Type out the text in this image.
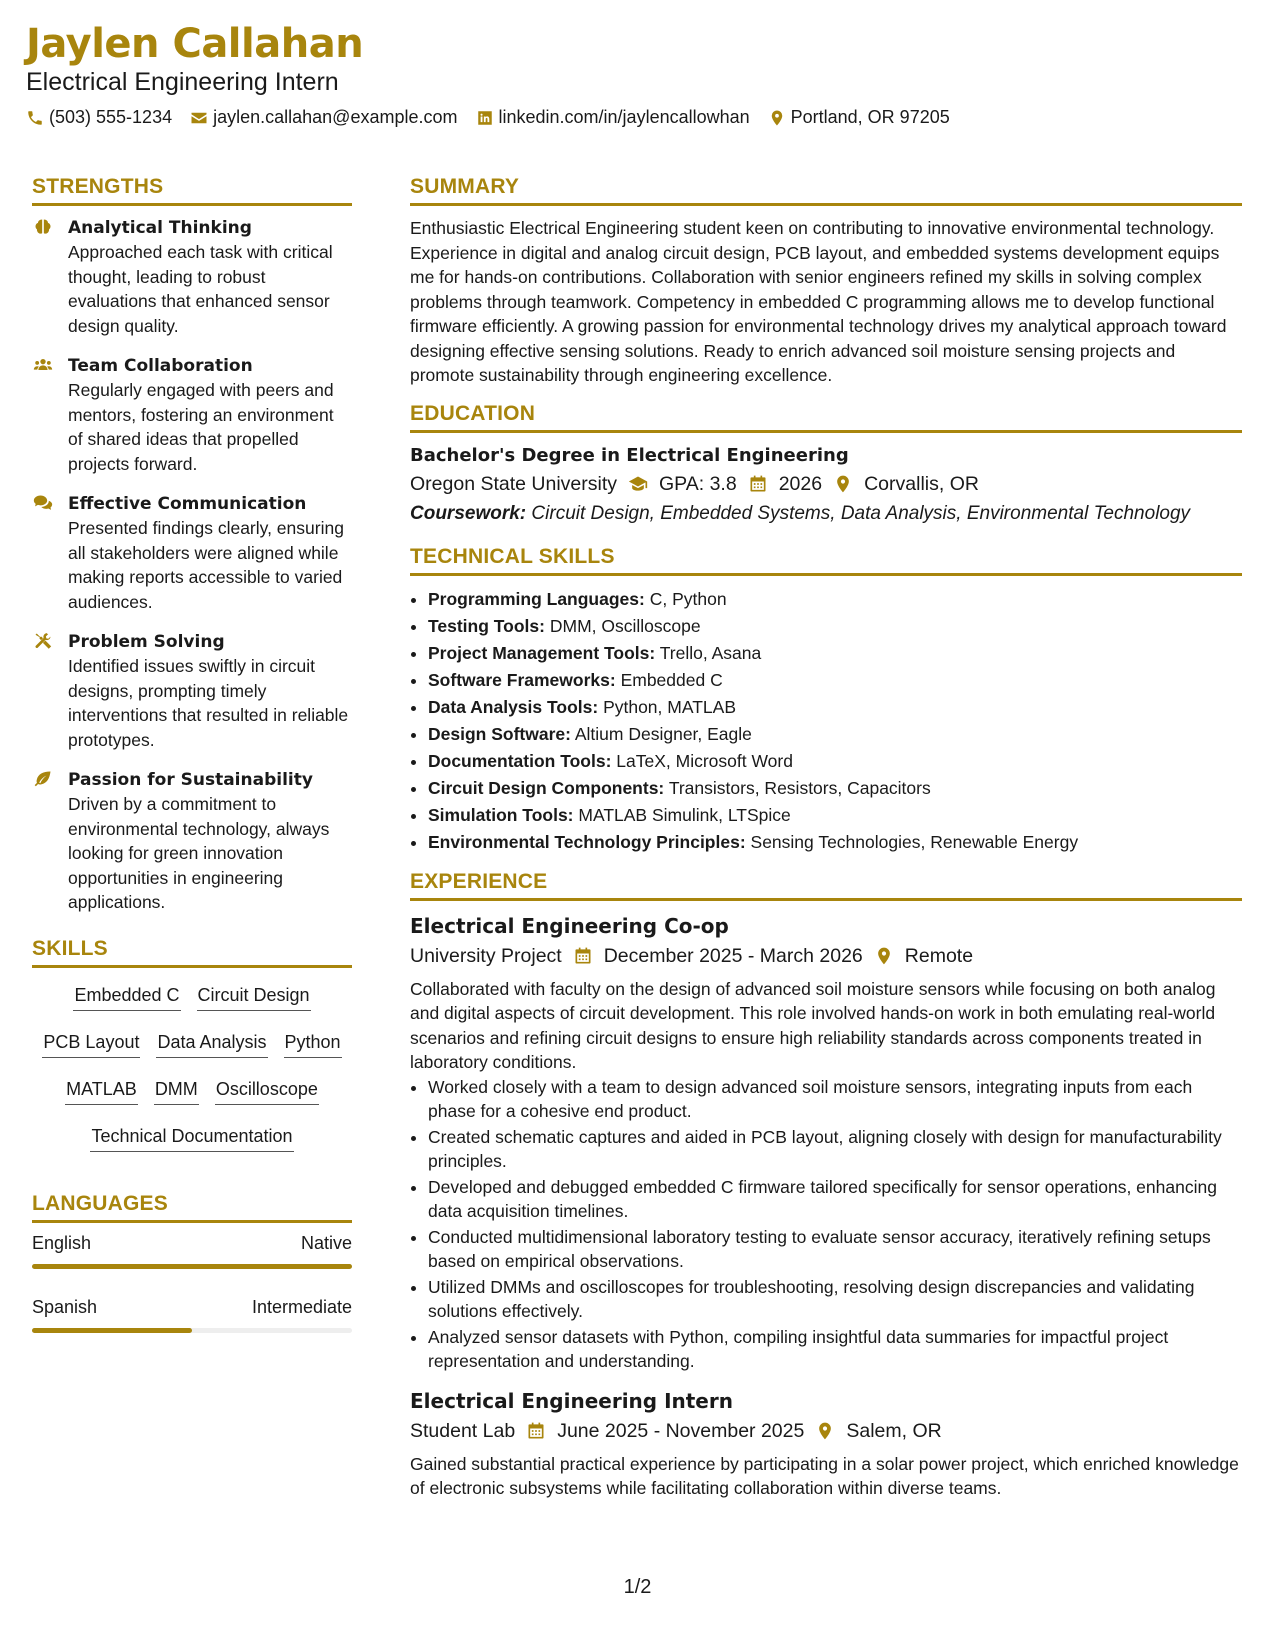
Jaylen Callahan
Electrical Engineering Intern
(503) 555-1234 jaylen.callahan@example.com linkedin.com/in/jaylencallowhan Portland, OR 97205
STRENGTHS
Analytical Thinking
Approached each task with critical thought, leading to robust evaluations that enhanced sensor design quality.
Team Collaboration
Regularly engaged with peers and mentors, fostering an environment of shared ideas that propelled projects forward.
Effective Communication
Presented findings clearly, ensuring all stakeholders were aligned while making reports accessible to varied audiences.
Problem Solving
Identified issues swiftly in circuit designs, prompting timely interventions that resulted in reliable prototypes.
Passion for Sustainability
Driven by a commitment to environmental technology, always looking for green innovation opportunities in engineering applications.
SKILLS
Embedded C Circuit Design
PCB Layout Data Analysis Python
MATLAB DMM Oscilloscope
Technical Documentation
LANGUAGES
English	Native
Spanish	Intermediate
SUMMARY
Enthusiastic Electrical Engineering student keen on contributing to innovative environmental technology. Experience in digital and analog circuit design, PCB layout, and embedded systems development equips me for hands-on contributions. Collaboration with senior engineers refined my skills in solving complex problems through teamwork. Competency in embedded C programming allows me to develop functional firmware efficiently. A growing passion for environmental technology drives my analytical approach toward designing effective sensing solutions. Ready to enrich advanced soil moisture sensing projects and promote sustainability through engineering excellence.
EDUCATION
Bachelor's Degree in Electrical Engineering
Oregon State University GPA: 3.8 2026 Corvallis, OR
Coursework: Circuit Design, Embedded Systems, Data Analysis, Environmental Technology
TECHNICAL SKILLS
• Programming Languages: C, Python
• Testing Tools: DMM, Oscilloscope
• Project Management Tools: Trello, Asana
• Software Frameworks: Embedded C
• Data Analysis Tools: Python, MATLAB
• Design Software: Altium Designer, Eagle
• Documentation Tools: LaTeX, Microsoft Word
• Circuit Design Components: Transistors, Resistors, Capacitors
• Simulation Tools: MATLAB Simulink, LTSpice
• Environmental Technology Principles: Sensing Technologies, Renewable Energy
EXPERIENCE
Electrical Engineering Co-op
University Project December 2025 - March 2026 Remote
Collaborated with faculty on the design of advanced soil moisture sensors while focusing on both analog and digital aspects of circuit development. This role involved hands-on work in both emulating real-world scenarios and refining circuit designs to ensure high reliability standards across components treated in laboratory conditions.
• Worked closely with a team to design advanced soil moisture sensors, integrating inputs from each phase for a cohesive end product.
• Created schematic captures and aided in PCB layout, aligning closely with design for manufacturability principles.
• Developed and debugged embedded C firmware tailored specifically for sensor operations, enhancing data acquisition timelines.
• Conducted multidimensional laboratory testing to evaluate sensor accuracy, iteratively refining setups based on empirical observations.
• Utilized DMMs and oscilloscopes for troubleshooting, resolving design discrepancies and validating solutions effectively.
• Analyzed sensor datasets with Python, compiling insightful data summaries for impactful project representation and understanding.
Electrical Engineering Intern
Student Lab June 2025 - November 2025 Salem, OR
Gained substantial practical experience by participating in a solar power project, which enriched knowledge of electronic subsystems while facilitating collaboration within diverse teams.
1/2
